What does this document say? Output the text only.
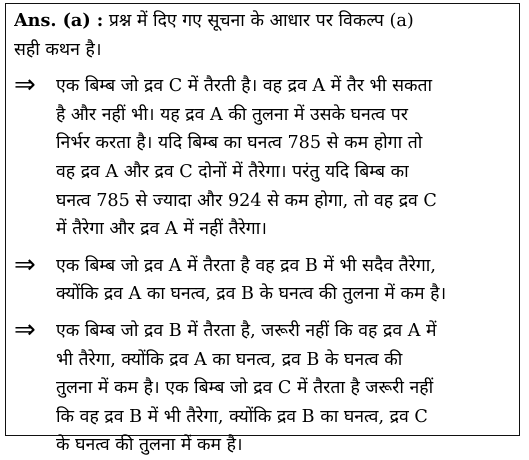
Ans. (a) : प्रश्न में दिए गए सूचना के आधार पर विकल्प (a)
सही कथन है।

⇒ एक बिम्ब जो द्रव C में तैरती है। वह द्रव A में तैर भी सकता
है और नहीं भी। यह द्रव A की तुलना में उसके घनत्व पर
निर्भर करता है। यदि बिम्ब का घनत्व 785 से कम होगा तो
वह द्रव A और द्रव C दोनों में तैरेगा। परंतु यदि बिम्ब का
घनत्व 785 से ज्यादा और 924 से कम होगा, तो वह द्रव C
में तैरेगा और द्रव A में नहीं तैरेगा।
⇒ एक बिम्ब जो द्रव A में तैरता है वह द्रव B में भी सदैव तैरेगा,
क्योंकि द्रव A का घनत्व, द्रव B के घनत्व की तुलना में कम है।
⇒ एक बिम्ब जो द्रव B में तैरता है, जरूरी नहीं कि वह द्रव A में
भी तैरेगा, क्योंकि द्रव A का घनत्व, द्रव B के घनत्व की
तुलना में कम है। एक बिम्ब जो द्रव C में तैरता है जरूरी नहीं
कि वह द्रव B में भी तैरेगा, क्योंकि द्रव B का घनत्व, द्रव C
के घनत्व की तुलना में कम है।
